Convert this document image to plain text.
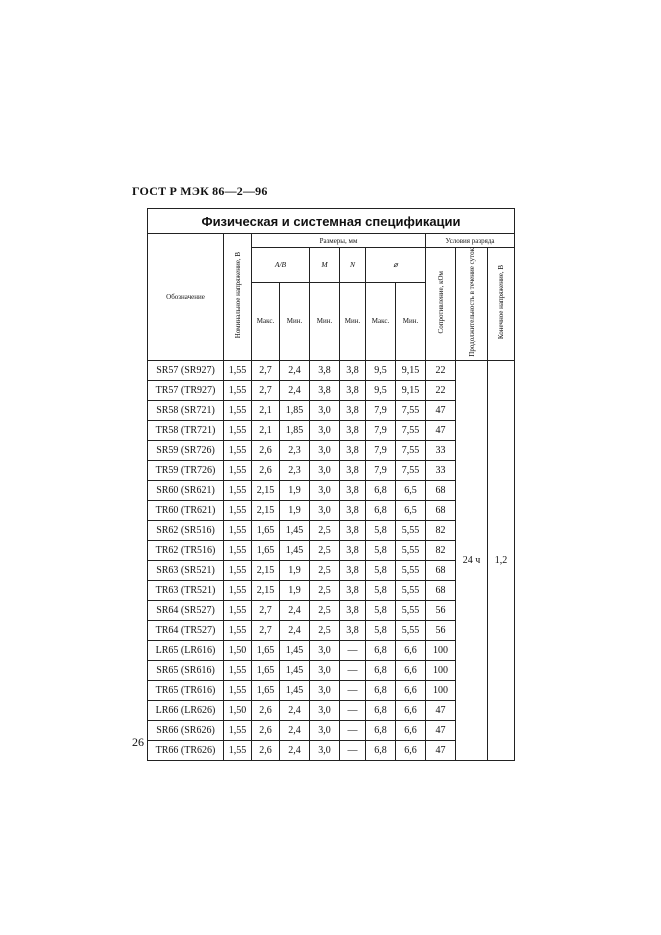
ГОСТ Р МЭК 86—2—96
Физическая и системная спецификации										
Обозначение	Номинальное напряжение, В	Размеры, мм						Условия разряда		
		A/B		M	N	⌀		Сопротивление, кОм	Продолжительность в течение суток	Конечное напряжение, В
		Макс.	Мин.	Мин.	Мин.	Макс.	Мин.			
SR57 (SR927)	1,55	2,7	2,4	3,8	3,8	9,5	9,15	22	24 ч	1,2
TR57 (TR927)	1,55	2,7	2,4	3,8	3,8	9,5	9,15	22		
SR58 (SR721)	1,55	2,1	1,85	3,0	3,8	7,9	7,55	47		
TR58 (TR721)	1,55	2,1	1,85	3,0	3,8	7,9	7,55	47		
SR59 (SR726)	1,55	2,6	2,3	3,0	3,8	7,9	7,55	33		
TR59 (TR726)	1,55	2,6	2,3	3,0	3,8	7,9	7,55	33		
SR60 (SR621)	1,55	2,15	1,9	3,0	3,8	6,8	6,5	68		
TR60 (TR621)	1,55	2,15	1,9	3,0	3,8	6,8	6,5	68		
SR62 (SR516)	1,55	1,65	1,45	2,5	3,8	5,8	5,55	82		
TR62 (TR516)	1,55	1,65	1,45	2,5	3,8	5,8	5,55	82		
SR63 (SR521)	1,55	2,15	1,9	2,5	3,8	5,8	5,55	68		
TR63 (TR521)	1,55	2,15	1,9	2,5	3,8	5,8	5,55	68		
SR64 (SR527)	1,55	2,7	2,4	2,5	3,8	5,8	5,55	56		
TR64 (TR527)	1,55	2,7	2,4	2,5	3,8	5,8	5,55	56		
LR65 (LR616)	1,50	1,65	1,45	3,0	—	6,8	6,6	100		
SR65 (SR616)	1,55	1,65	1,45	3,0	—	6,8	6,6	100		
TR65 (TR616)	1,55	1,65	1,45	3,0	—	6,8	6,6	100		
LR66 (LR626)	1,50	2,6	2,4	3,0	—	6,8	6,6	47		
SR66 (SR626)	1,55	2,6	2,4	3,0	—	6,8	6,6	47		
TR66 (TR626)	1,55	2,6	2,4	3,0	—	6,8	6,6	47		
26
